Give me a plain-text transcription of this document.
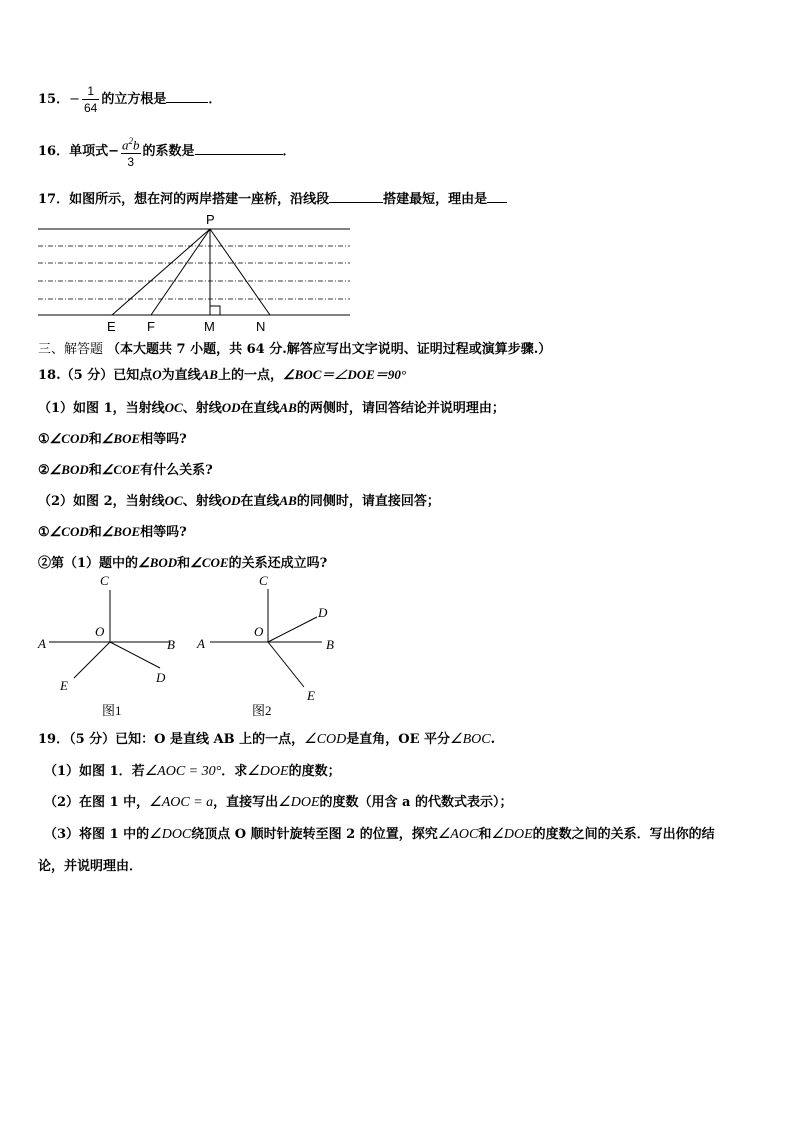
15．− $\frac{1}{64}$ 的立方根是	．
16．单项式− $\frac{a^2b}{3}$ 的系数是	．
17．如图所示，想在河的两岸搭建一座桥，沿线段	搭建最短，理由是
P
E F	M	N
三、解答题 （本大题共 7 小题，共 64 分.解答应写出文字说明、证明过程或演算步骤.）
18.（5 分）已知点O为直线AB上的一点，∠BOC＝∠DOE＝90°
（1）如图 1，当射线OC、射线OD在直线AB的两侧时，请回答结论并说明理由；
①∠COD和∠BOE相等吗?
②∠BOD和∠COE有什么关系?
（2）如图 2，当射线OC、射线OD在直线AB的同侧时，请直接回答；
①∠COD和∠BOE相等吗?
②第（1）题中的∠BOD和∠COE的关系还成立吗?
C
O
A	B
E
D
图1
C
D
O
A	B
E
图2
19．（5 分）已知：O 是直线 AB 上的一点，∠COD是直角，OE 平分∠BOC.
（1）如图 1．若∠AOC = 30°．求∠DOE的度数；
（2）在图 1 中，∠AOC = a，直接写出∠DOE的度数（用含 a 的代数式表示）；
（3）将图 1 中的∠DOC绕顶点 O 顺时针旋转至图 2 的位置，探究∠AOC和∠DOE的度数之间的关系．写出你的结
论，并说明理由．
